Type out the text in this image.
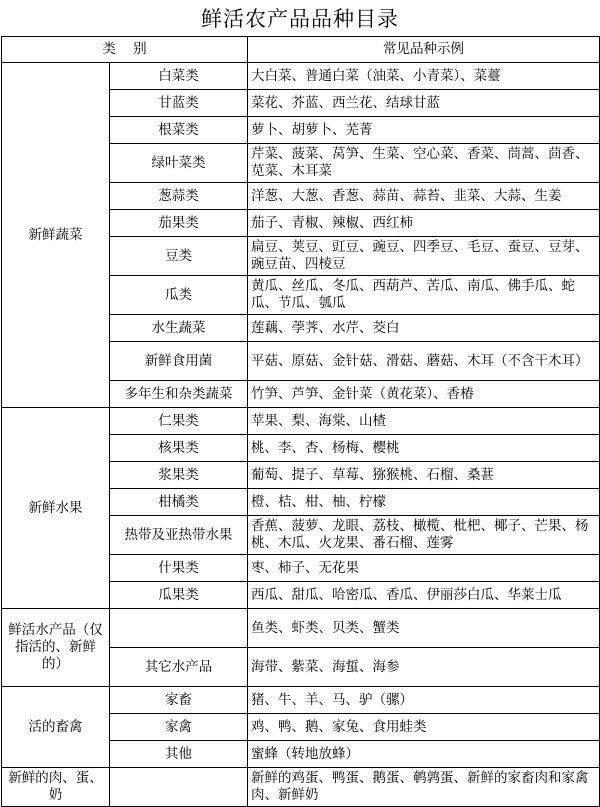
鲜活农产品品种目录
类    别		常见品种示例
新鲜蔬菜	白菜类	大白菜、普通白菜（油菜、小青菜）、菜薹
	甘蓝类	菜花、芥蓝、西兰花、结球甘蓝
	根菜类	萝卜、胡萝卜、芜菁
	绿叶菜类	芹菜、菠菜、莴笋、生菜、空心菜、香菜、茼蒿、茴香、苋菜、木耳菜
	葱蒜类	洋葱、大葱、香葱、蒜苗、蒜苔、韭菜、大蒜、生姜
	茄果类	茄子、青椒、辣椒、西红柿
	豆类	扁豆、荚豆、豇豆、豌豆、四季豆、毛豆、蚕豆、豆芽、豌豆苗、四棱豆
	瓜类	黄瓜、丝瓜、冬瓜、西葫芦、苦瓜、南瓜、佛手瓜、蛇瓜、节瓜、瓠瓜
	水生蔬菜	莲藕、荸荠、水芹、茭白
	新鲜食用菌	平菇、原菇、金针菇、滑菇、蘑菇、木耳（不含干木耳）
	多年生和杂类蔬菜	竹笋、芦笋、金针菜（黄花菜）、香椿
新鲜水果	仁果类	苹果、梨、海棠、山楂
	核果类	桃、李、杏、杨梅、樱桃
	浆果类	葡萄、提子、草莓、猕猴桃、石榴、桑葚
	柑橘类	橙、桔、柑、柚、柠檬
	热带及亚热带水果	香蕉、菠萝、龙眼、荔枝、橄榄、枇杷、椰子、芒果、杨桃、木瓜、火龙果、番石榴、莲雾
	什果类	枣、柿子、无花果
	瓜果类	西瓜、甜瓜、哈密瓜、香瓜、伊丽莎白瓜、华莱士瓜
鲜活水产品（仅指活的、新鲜的）		鱼类、虾类、贝类、蟹类
	其它水产品	海带、紫菜、海蜇、海参
活的畜禽	家畜	猪、牛、羊、马、驴（骡）
	家禽	鸡、鸭、鹅、家兔、食用蛙类
	其他	蜜蜂（转地放蜂）
新鲜的肉、蛋、奶		新鲜的鸡蛋、鸭蛋、鹅蛋、鹌鹑蛋、新鲜的家畜肉和家禽肉、新鲜奶
